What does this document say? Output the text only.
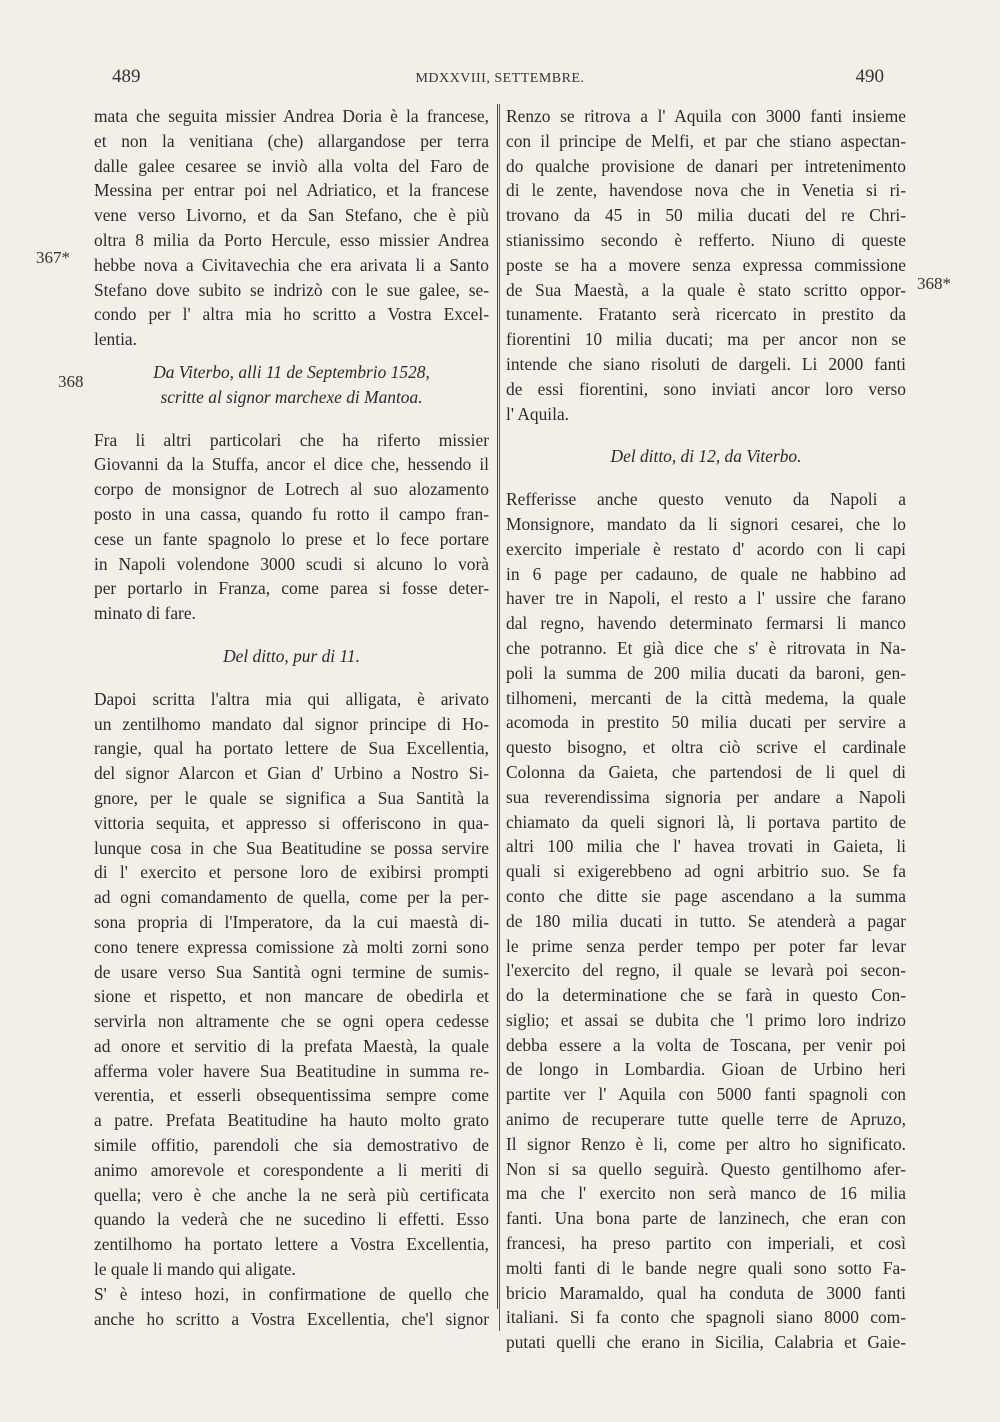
489	MDXXVIII, SETTEMBRE.	490
367*
368
368*
mata che seguita missier Andrea Doria è la francese,
et non la venitiana (che) allargandose per terra
dalle galee cesaree se inviò alla volta del Faro de
Messina per entrar poi nel Adriatico, et la francese
vene verso Livorno, et da San Stefano, che è più
oltra 8 milia da Porto Hercule, esso missier Andrea
hebbe nova a Civitavechia che era arivata li a Santo
Stefano dove subito se indrizò con le sue galee, se-
condo per l' altra mia ho scritto a Vostra Excel-
lentia.
Da Viterbo, alli 11 de Septembrio 1528,
scritte al signor marchexe di Mantoa.
Fra li altri particolari che ha riferto missier
Giovanni da la Stuffa, ancor el dice che, hessendo il
corpo de monsignor de Lotrech al suo alozamento
posto in una cassa, quando fu rotto il campo fran-
cese un fante spagnolo lo prese et lo fece portare
in Napoli volendone 3000 scudi si alcuno lo vorà
per portarlo in Franza, come parea si fosse deter-
minato di fare.
Del ditto, pur di 11.
Dapoi scritta l'altra mia qui alligata, è arivato
un zentilhomo mandato dal signor principe di Ho-
rangie, qual ha portato lettere de Sua Excellentia,
del signor Alarcon et Gian d' Urbino a Nostro Si-
gnore, per le quale se significa a Sua Santità la
vittoria sequita, et appresso si offeriscono in qua-
lunque cosa in che Sua Beatitudine se possa servire
di l' exercito et persone loro de exibirsi prompti
ad ogni comandamento de quella, come per la per-
sona propria di l'Imperatore, da la cui maestà di-
cono tenere expressa comissione zà molti zorni sono
de usare verso Sua Santità ogni termine de sumis-
sione et rispetto, et non mancare de obedirla et
servirla non altramente che se ogni opera cedesse
ad onore et servitio di la prefata Maestà, la quale
afferma voler havere Sua Beatitudine in summa re-
verentia, et esserli obsequentissima sempre come
a patre. Prefata Beatitudine ha hauto molto grato
simile offitio, parendoli che sia demostrativo de
animo amorevole et corespondente a li meriti di
quella; vero è che anche la ne serà più certificata
quando la vederà che ne sucedino li effetti. Esso
zentilhomo ha portato lettere a Vostra Excellentia,
le quale li mando qui aligate.
S' è inteso hozi, in confirmatione de quello che
anche ho scritto a Vostra Excellentia, che'l signor
Renzo se ritrova a l' Aquila con 3000 fanti insieme
con il principe de Melfi, et par che stiano aspectan-
do qualche provisione de danari per intretenimento
di le zente, havendose nova che in Venetia si ri-
trovano da 45 in 50 milia ducati del re Chri-
stianissimo secondo è refferto. Niuno di queste
poste se ha a movere senza expressa commissione
de Sua Maestà, a la quale è stato scritto oppor-
tunamente. Fratanto serà ricercato in prestito da
fiorentini 10 milia ducati; ma per ancor non se
intende che siano risoluti de dargeli. Li 2000 fanti
de essi fiorentini, sono inviati ancor loro verso
l' Aquila.
Del ditto, di 12, da Viterbo.
Refferisse anche questo venuto da Napoli a
Monsignore, mandato da li signori cesarei, che lo
exercito imperiale è restato d' acordo con li capi
in 6 page per cadauno, de quale ne habbino ad
haver tre in Napoli, el resto a l' ussire che farano
dal regno, havendo determinato fermarsi li manco
che potranno. Et già dice che s' è ritrovata in Na-
poli la summa de 200 milia ducati da baroni, gen-
tilhomeni, mercanti de la città medema, la quale
acomoda in prestito 50 milia ducati per servire a
questo bisogno, et oltra ciò scrive el cardinale
Colonna da Gaieta, che partendosi de li quel di
sua reverendissima signoria per andare a Napoli
chiamato da queli signori là, li portava partito de
altri 100 milia che l' havea trovati in Gaieta, li
quali si exigerebbeno ad ogni arbitrio suo. Se fa
conto che ditte sie page ascendano a la summa
de 180 milia ducati in tutto. Se atenderà a pagar
le prime senza perder tempo per poter far levar
l'exercito del regno, il quale se levarà poi secon-
do la determinatione che se farà in questo Con-
siglio; et assai se dubita che 'l primo loro indrizo
debba essere a la volta de Toscana, per venir poi
de longo in Lombardia. Gioan de Urbino heri
partite ver l' Aquila con 5000 fanti spagnoli con
animo de recuperare tutte quelle terre de Apruzo,
Il signor Renzo è li, come per altro ho significato.
Non si sa quello seguirà. Questo gentilhomo afer-
ma che l' exercito non serà manco de 16 milia
fanti. Una bona parte de lanzinech, che eran con
francesi, ha preso partito con imperiali, et così
molti fanti di le bande negre quali sono sotto Fa-
bricio Maramaldo, qual ha conduta de 3000 fanti
italiani. Si fa conto che spagnoli siano 8000 com-
putati quelli che erano in Sicilia, Calabria et Gaie-
